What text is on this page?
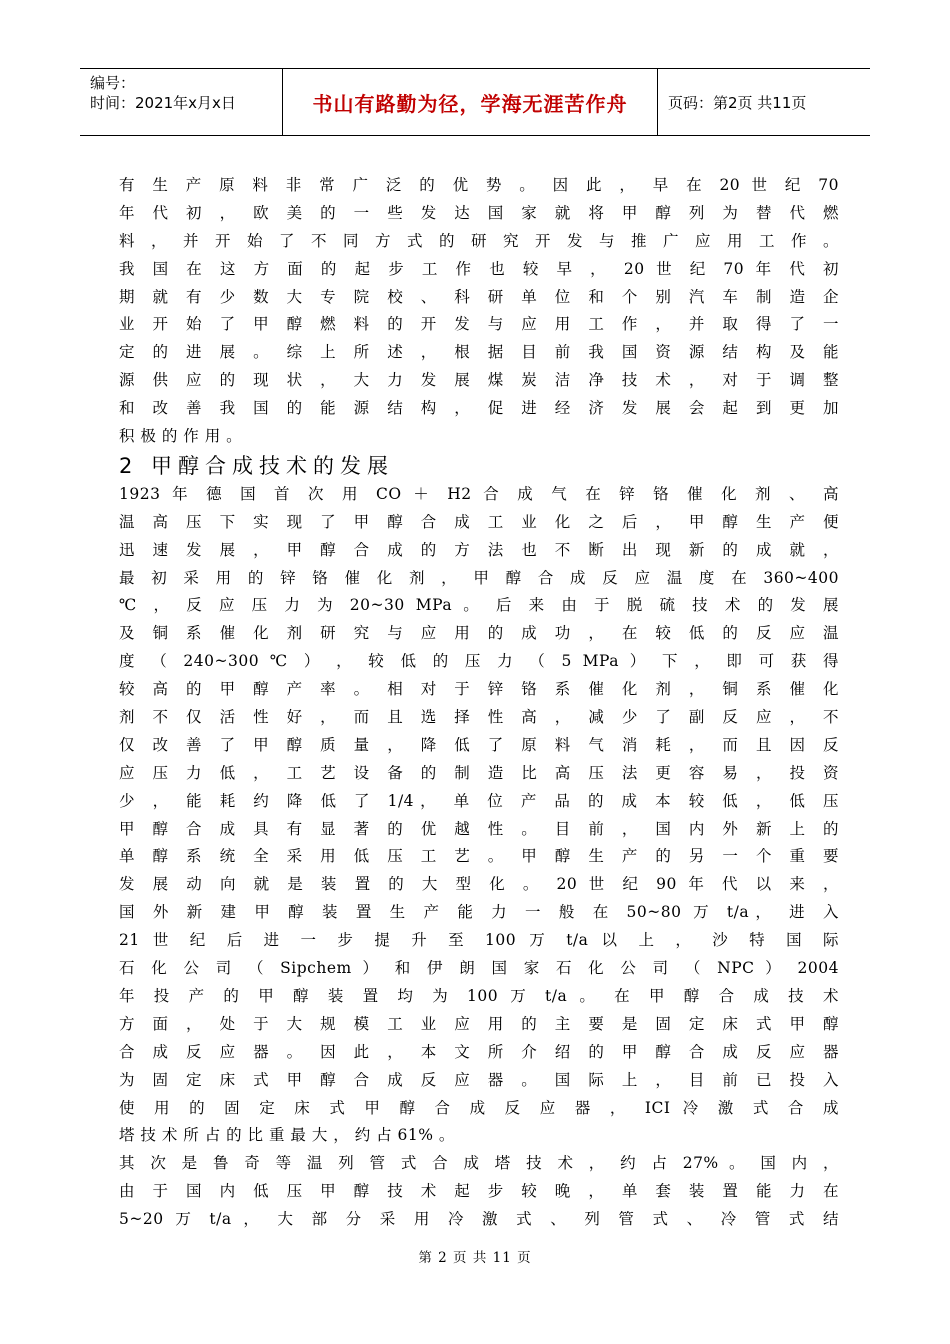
编号：
时间：2021年x月x日	书山有路勤为径，学海无涯苦作舟	页码：第2页 共11页
有 生 产 原 料 非 常 广 泛 的 优 势 。 因 此 ， 早 在 20 世 纪 70
年 代 初 ， 欧 美 的 一 些 发 达 国 家 就 将 甲 醇 列 为 替 代 燃
料 ， 并 开 始 了 不 同 方 式 的 研 究 开 发 与 推 广 应 用 工 作 。
我 国 在 这 方 面 的 起 步 工 作 也 较 早 ， 20 世 纪 70 年 代 初
期 就 有 少 数 大 专 院 校 、 科 研 单 位 和 个 别 汽 车 制 造 企
业 开 始 了 甲 醇 燃 料 的 开 发 与 应 用 工 作 ， 并 取 得 了 一
定 的 进 展 。 综 上 所 述 ， 根 据 目 前 我 国 资 源 结 构 及 能
源 供 应 的 现 状 ， 大 力 发 展 煤 炭 洁 净 技 术 ， 对 于 调 整
和 改 善 我 国 的 能 源 结 构 ， 促 进 经 济 发 展 会 起 到 更 加
积 极 的 作 用 。
2 甲醇合成技术的发展
1923 年 德 国 首 次 用 CO ＋ H2 合 成 气 在 锌 铬 催 化 剂 、 高
温 高 压 下 实 现 了 甲 醇 合 成 工 业 化 之 后 ， 甲 醇 生 产 便
迅 速 发 展 ， 甲 醇 合 成 的 方 法 也 不 断 出 现 新 的 成 就 ，
最 初 采 用 的 锌 铬 催 化 剂 ， 甲 醇 合 成 反 应 温 度 在 360~400
℃ ， 反 应 压 力 为 20~30 MPa 。 后 来 由 于 脱 硫 技 术 的 发 展
及 铜 系 催 化 剂 研 究 与 应 用 的 成 功 ， 在 较 低 的 反 应 温
度 （ 240~300 ℃ ） ， 较 低 的 压 力 （ 5 MPa ） 下 ， 即 可 获 得
较 高 的 甲 醇 产 率 。 相 对 于 锌 铬 系 催 化 剂 ， 铜 系 催 化
剂 不 仅 活 性 好 ， 而 且 选 择 性 高 ， 减 少 了 副 反 应 ， 不
仅 改 善 了 甲 醇 质 量 ， 降 低 了 原 料 气 消 耗 ， 而 且 因 反
应 压 力 低 ， 工 艺 设 备 的 制 造 比 高 压 法 更 容 易 ， 投 资
少 ， 能 耗 约 降 低 了 1/4， 单 位 产 品 的 成 本 较 低 ， 低 压
甲 醇 合 成 具 有 显 著 的 优 越 性 。 目 前 ， 国 内 外 新 上 的
单 醇 系 统 全 采 用 低 压 工 艺 。 甲 醇 生 产 的 另 一 个 重 要
发 展 动 向 就 是 装 置 的 大 型 化 。 20 世 纪 90 年 代 以 来 ，
国 外 新 建 甲 醇 装 置 生 产 能 力 一 般 在 50~80 万 t/a， 进 入
21 世 纪 后 进 一 步 提 升 至 100 万 t/a 以 上 ， 沙 特 国 际
石 化 公 司 （ Sipchem ） 和 伊 朗 国 家 石 化 公 司 （ NPC ） 2004
年 投 产 的 甲 醇 装 置 均 为 100 万 t/a 。 在 甲 醇 合 成 技 术
方 面 ， 处 于 大 规 模 工 业 应 用 的 主 要 是 固 定 床 式 甲 醇
合 成 反 应 器 。 因 此 ， 本 文 所 介 绍 的 甲 醇 合 成 反 应 器
为 固 定 床 式 甲 醇 合 成 反 应 器 。 国 际 上 ， 目 前 已 投 入
使 用 的 固 定 床 式 甲 醇 合 成 反 应 器 ， ICI 冷 激 式 合 成
塔 技 术 所 占 的 比 重 最 大 ， 约 占 61% 。
其 次 是 鲁 奇 等 温 列 管 式 合 成 塔 技 术 ， 约 占 27% 。 国 内 ，
由 于 国 内 低 压 甲 醇 技 术 起 步 较 晚 ， 单 套 装 置 能 力 在
5~20 万 t/a ， 大 部 分 采 用 冷 激 式 、 列 管 式 、 冷 管 式 结
第 2 页 共 11 页
